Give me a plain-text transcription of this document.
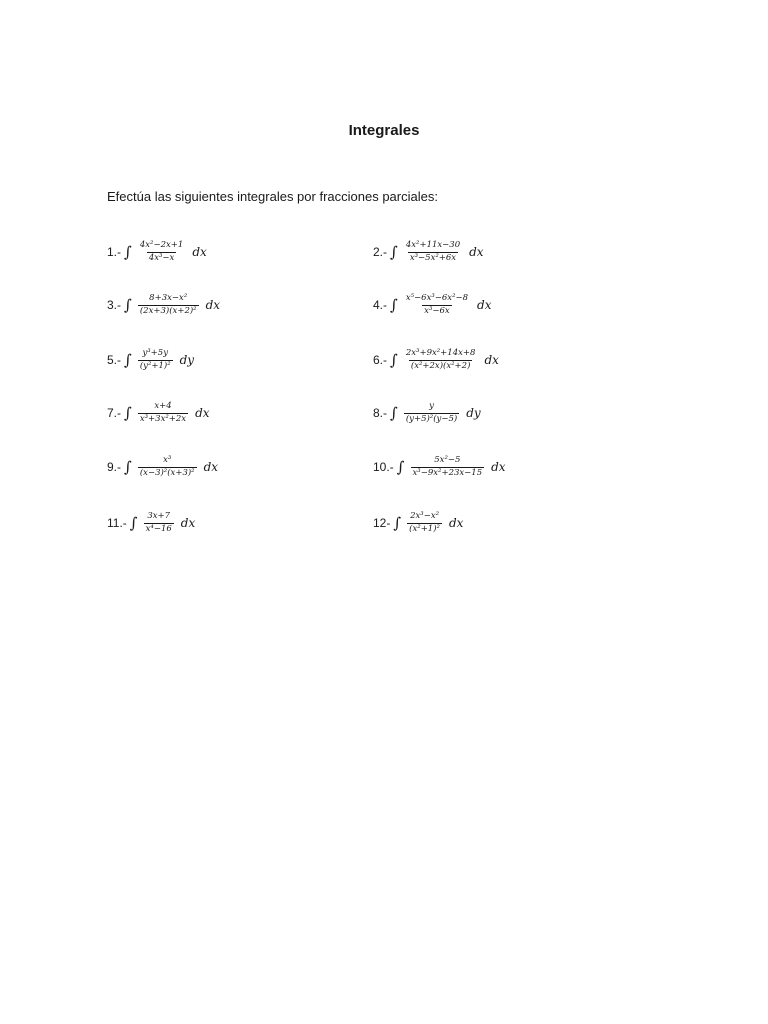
Integrales
Efectúa las siguientes integrales por fracciones parciales:
1.- ∫ $\frac{\text{4x²−2x+1}}{\text{4x³−x}}$ dx	2.- ∫ $\frac{\text{4x²+11x−30}}{\text{x³−5x²+6x}}$ dx
3.- ∫ $\frac{\text{8+3x−x²}}{\text{(2x+3)(x+2)²}}$ dx	4.- ∫ $\frac{\text{x⁵−6x³−6x²−8}}{\text{x³−6x}}$ dx
5.- ∫ $\frac{\text{y³+5y}}{\text{(y²+1)²}}$ dy	6.- ∫ $\frac{\text{2x³+9x²+14x+8}}{\text{(x²+2x)(x²+2)}}$ dx
7.- ∫ $\frac{x+4}{\text{x³+3x²+2x}}$ dx	8.- ∫ $\frac{y}{\text{(y+5)²(y−5)}}$ dy
9.- ∫ $\frac{\text{x³}}{\text{(x−3)²(x+3)²}}$ dx	10.- ∫ $\frac{\text{5x²−5}}{\text{x³−9x²+23x−15}}$ dx
11.- ∫ $\frac{3x+7}{\text{x⁴−16}}$ dx	12- ∫ $\frac{\text{2x³−x²}}{\text{(x²+1)²}}$ dx
